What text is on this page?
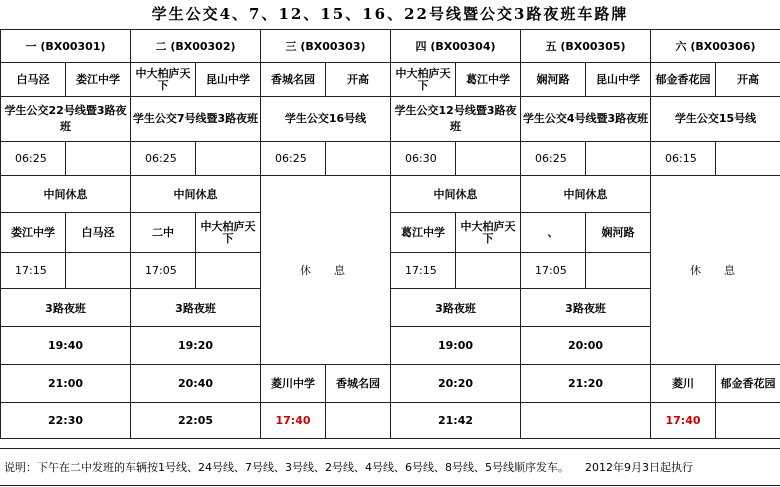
学生公交4、7、12、15、16、22号线暨公交3路夜班车路牌
一 (BX00301)		二 (BX00302)		三 (BX00303)		四 (BX00304)		五 (BX00305)		六 (BX00306)	
白马泾	娄江中学	中大柏庐天下	昆山中学	香城名园	开高	中大柏庐天下	葛江中学	娴河路	昆山中学	郁金香花园	开高
学生公交22号线暨3路夜班		学生公交7号线暨3路夜班		学生公交16号线		学生公交12号线暨3路夜班		学生公交4号线暨3路夜班		学生公交15号线	
06:25		06:25		06:25		06:30		06:25		06:15	
中间休息		中间休息		休　息		中间休息		中间休息		休　息	
娄江中学	白马泾	二中	中大柏庐天下			葛江中学	中大柏庐天下	、	娴河路		
17:15		17:05				17:15		17:05			
3路夜班		3路夜班				3路夜班		3路夜班			
19:40		19:20				19:00		20:00			
21:00		20:40		菱川中学	香城名园	20:20		21:20		菱川	郁金香花园
22:30		22:05		17:40		21:42				17:40	
说明：下午在二中发班的车辆按1号线、24号线、7号线、3号线、2号线、4号线、6号线、8号线、5号线顺序发车。 2012年9月3日起执行
